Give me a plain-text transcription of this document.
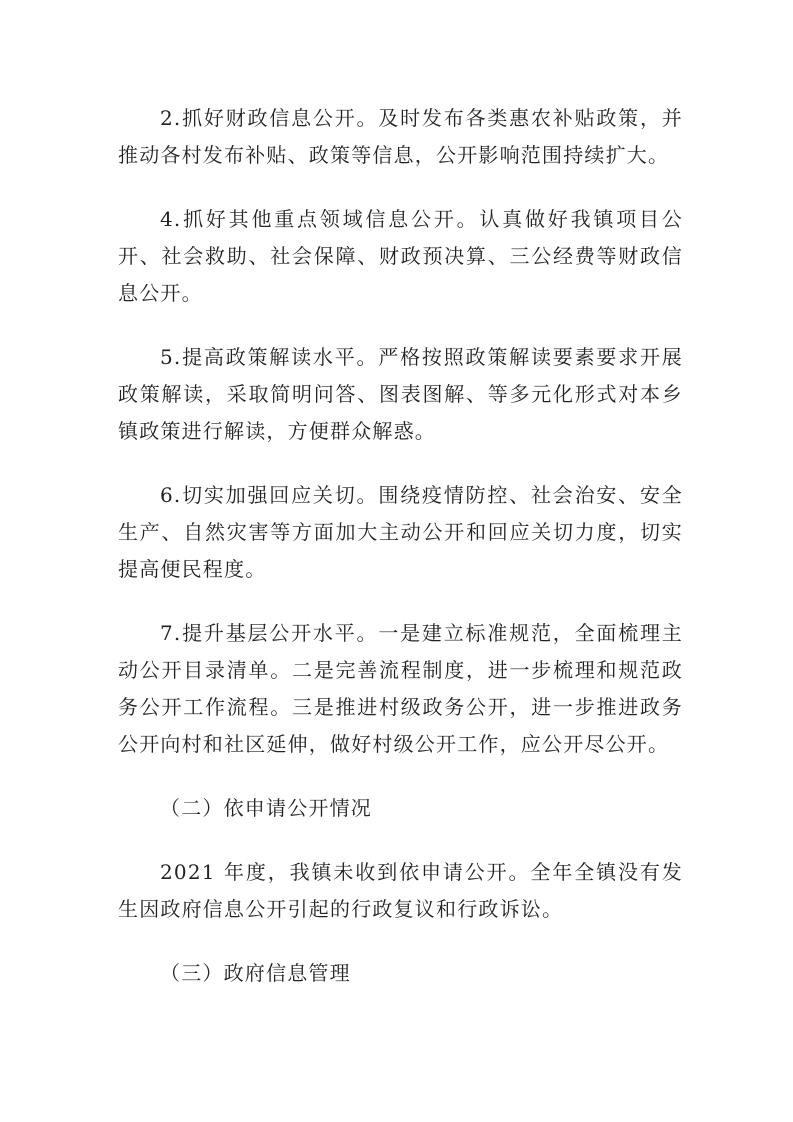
2.抓好财政信息公开。及时发布各类惠农补贴政策，并推动各村发布补贴、政策等信息，公开影响范围持续扩大。

4.抓好其他重点领域信息公开。认真做好我镇项目公开、社会救助、社会保障、财政预决算、三公经费等财政信息公开。

5.提高政策解读水平。严格按照政策解读要素要求开展政策解读，采取简明问答、图表图解、等多元化形式对本乡镇政策进行解读，方便群众解惑。

6.切实加强回应关切。围绕疫情防控、社会治安、安全生产、自然灾害等方面加大主动公开和回应关切力度，切实提高便民程度。

7.提升基层公开水平。一是建立标准规范，全面梳理主动公开目录清单。二是完善流程制度，进一步梳理和规范政务公开工作流程。三是推进村级政务公开，进一步推进政务公开向村和社区延伸，做好村级公开工作，应公开尽公开。

（二）依申请公开情况

2021 年度，我镇未收到依申请公开。全年全镇没有发生因政府信息公开引起的行政复议和行政诉讼。

（三）政府信息管理
